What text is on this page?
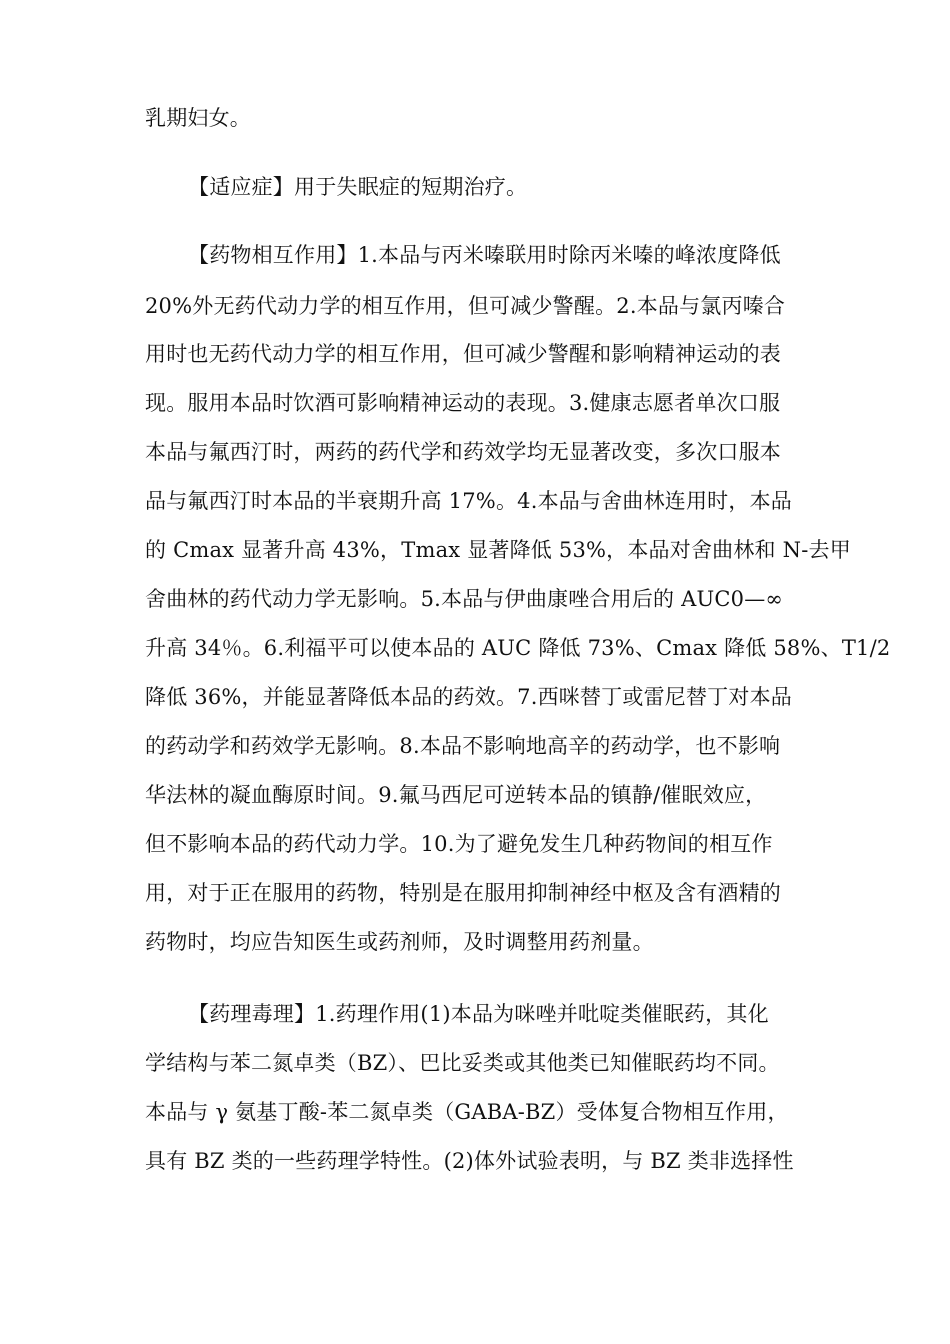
乳期妇女。
【适应症】用于失眠症的短期治疗。
【药物相互作用】1.本品与丙米嗪联用时除丙米嗪的峰浓度降低
20%外无药代动力学的相互作用，但可减少警醒。2.本品与氯丙嗪合
用时也无药代动力学的相互作用，但可减少警醒和影响精神运动的表
现。服用本品时饮酒可影响精神运动的表现。3.健康志愿者单次口服
本品与氟西汀时，两药的药代学和药效学均无显著改变，多次口服本
品与氟西汀时本品的半衰期升高 17%。4.本品与舍曲林连用时，本品
的 Cmax 显著升高 43%，Tmax 显著降低 53%，本品对舍曲林和 N-去甲
舍曲林的药代动力学无影响。5.本品与伊曲康唑合用后的 AUC0—∞
升高 34％。6.利福平可以使本品的 AUC 降低 73%、Cmax 降低 58%、T1/2
降低 36%，并能显著降低本品的药效。7.西咪替丁或雷尼替丁对本品
的药动学和药效学无影响。8.本品不影响地高辛的药动学，也不影响
华法林的凝血酶原时间。9.氟马西尼可逆转本品的镇静/催眠效应，
但不影响本品的药代动力学。10.为了避免发生几种药物间的相互作
用，对于正在服用的药物，特别是在服用抑制神经中枢及含有酒精的
药物时，均应告知医生或药剂师，及时调整用药剂量。
【药理毒理】1.药理作用(1)本品为咪唑并吡啶类催眠药，其化
学结构与苯二氮卓类（BZ）、巴比妥类或其他类已知催眠药均不同。
本品与 γ 氨基丁酸-苯二氮卓类（GABA-BZ）受体复合物相互作用，
具有 BZ 类的一些药理学特性。(2)体外试验表明，与 BZ 类非选择性
